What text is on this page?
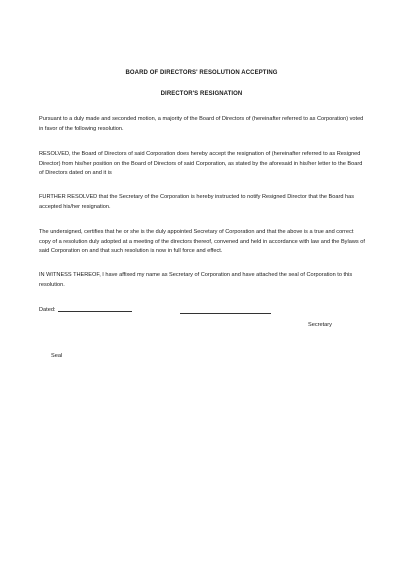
BOARD OF DIRECTORS' RESOLUTION ACCEPTING
DIRECTOR'S RESIGNATION

Pursuant to a duly made and seconded motion, a majority of the Board of Directors of (hereinafter referred to as Corporation) voted in favor of the following resolution.

RESOLVED, the Board of Directors of said Corporation does hereby accept the resignation of (hereinafter referred to as Resigned Director) from his/her position on the Board of Directors of said Corporation, as stated by the aforesaid in his/her letter to the Board of Directors dated on and it is

FURTHER RESOLVED that the Secretary of the Corporation is hereby instructed to notify Resigned Director that the Board has accepted his/her resignation.

The undersigned, certifies that he or she is the duly appointed Secretary of Corporation and that the above is a true and correct copy of a resolution duly adopted at a meeting of the directors thereof, convened and held in accordance with law and the Bylaws of said Corporation on and that such resolution is now in full force and effect.

IN WITNESS THEREOF, I have affixed my name as Secretary of Corporation and have attached the seal of Corporation to this resolution.

Dated:
Secretary
Seal
